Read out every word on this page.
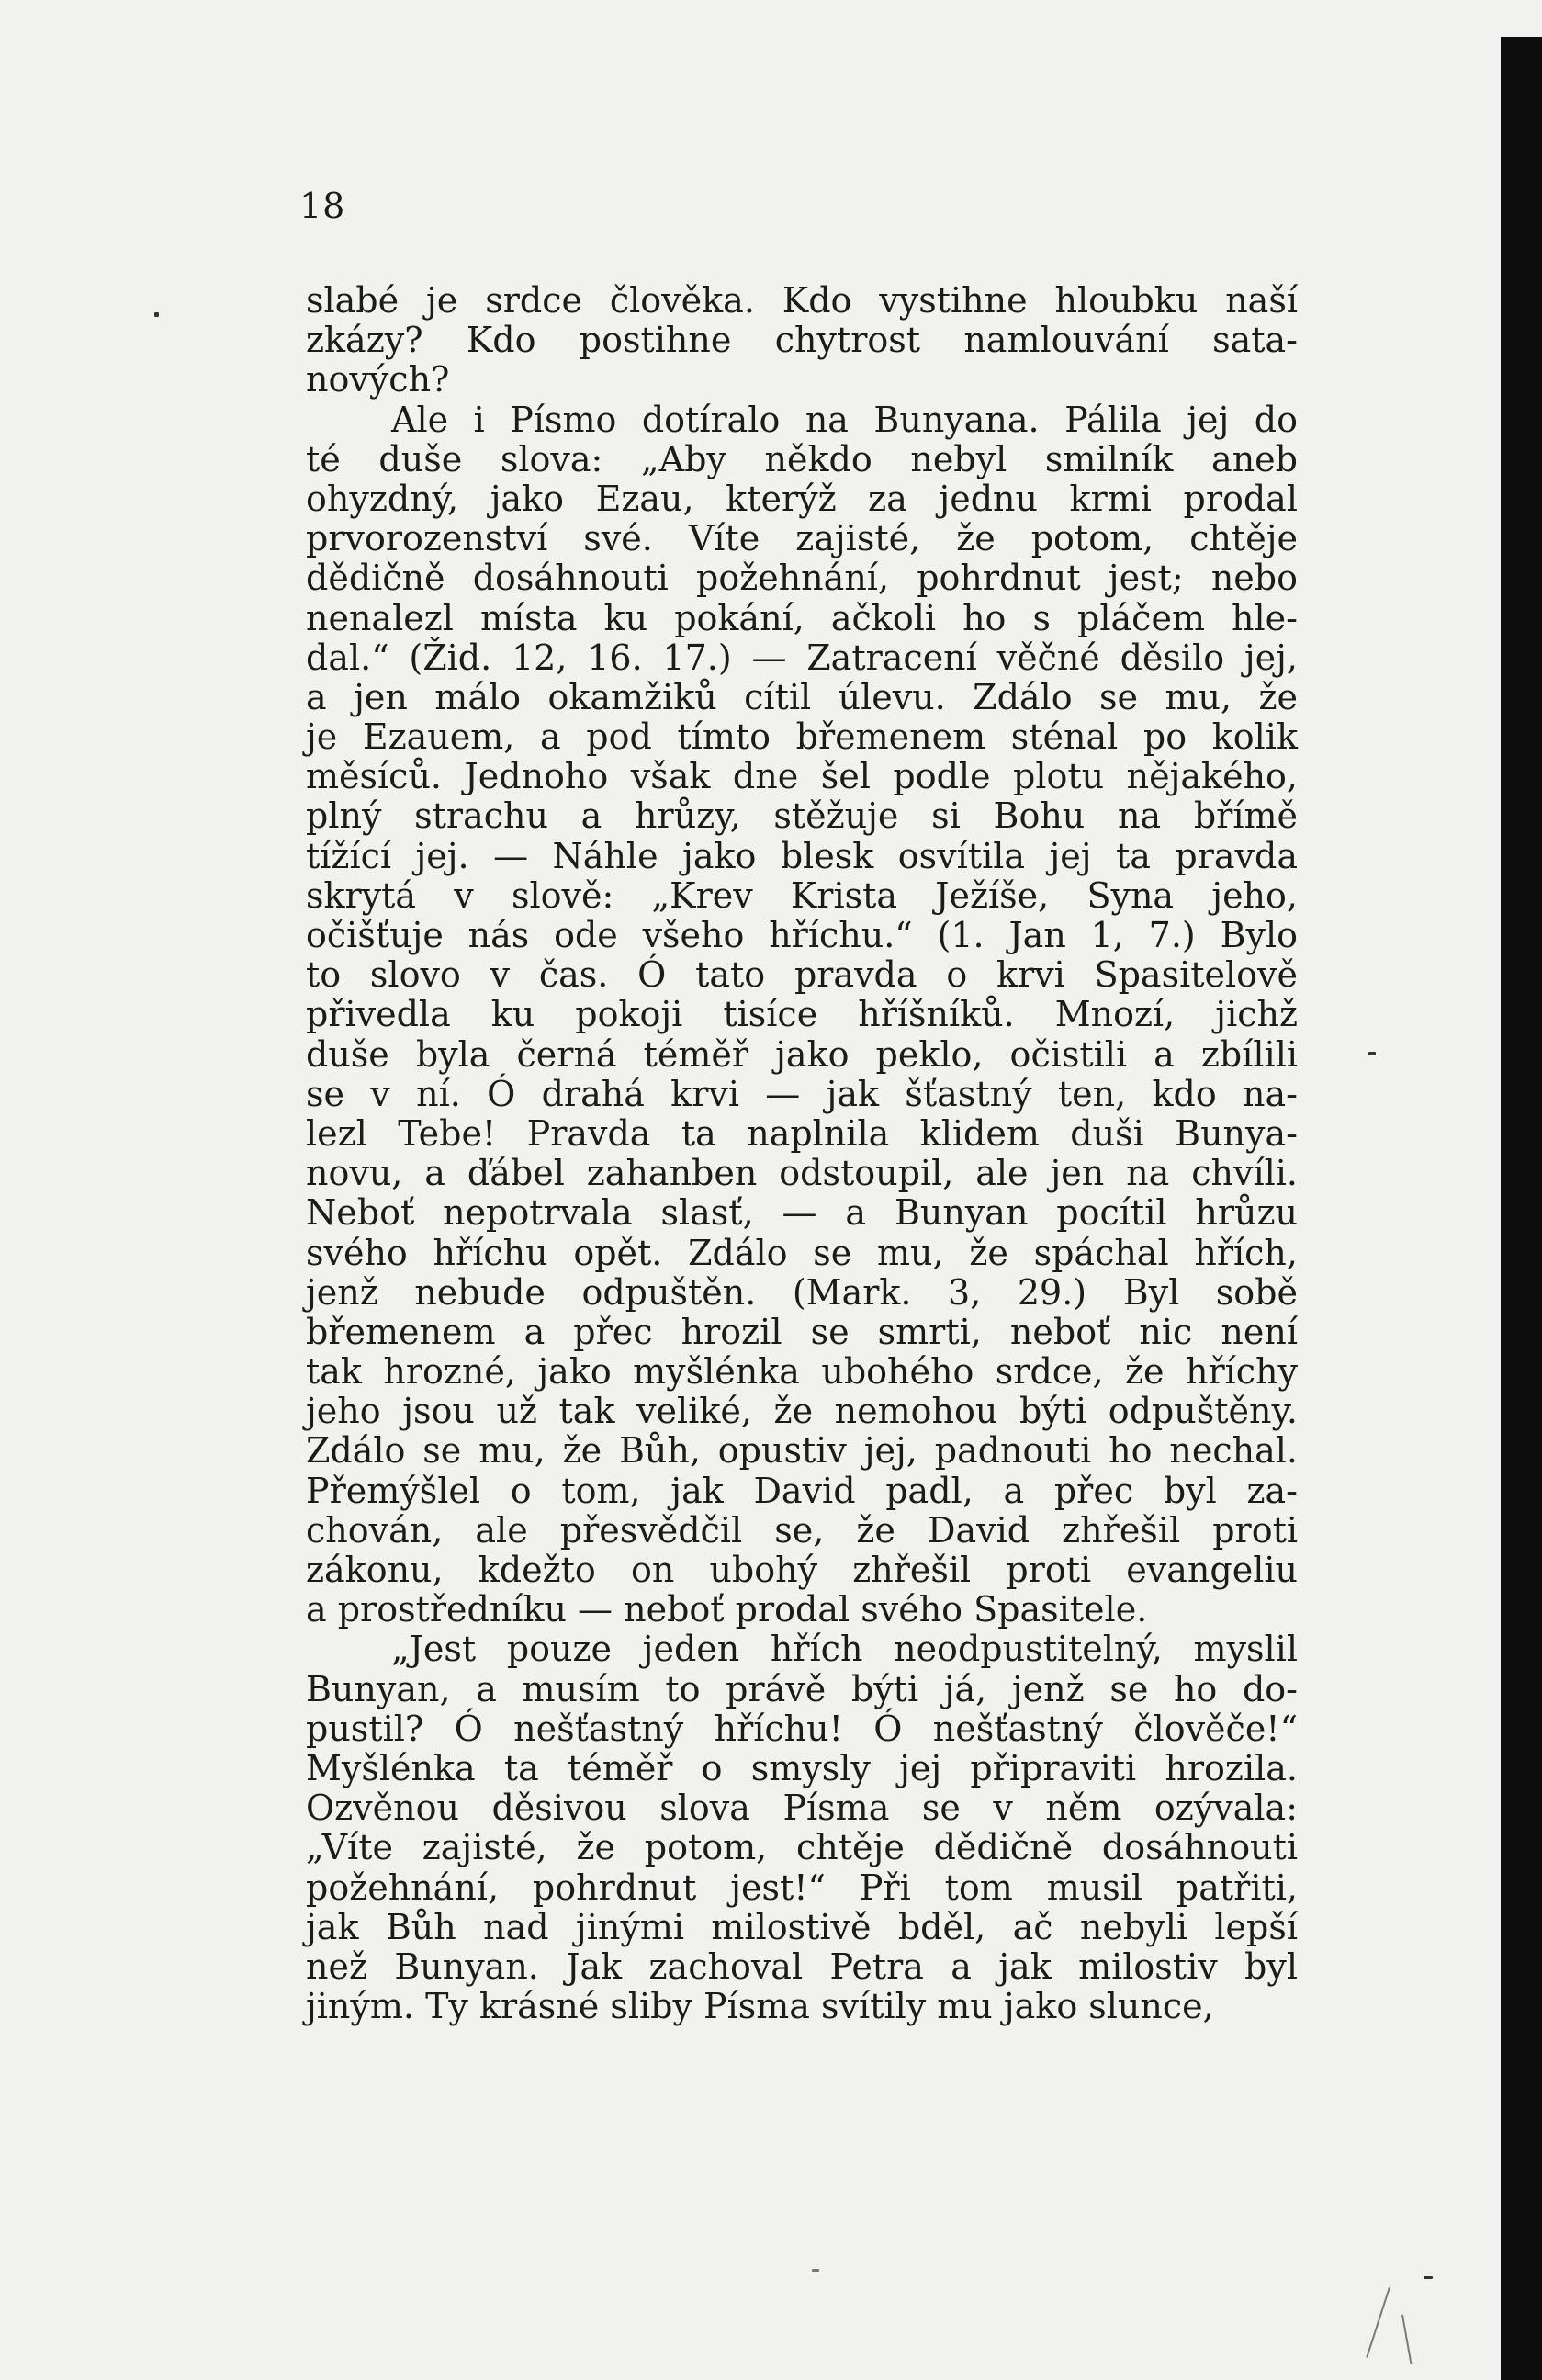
18
slabé je srdce člověka. Kdo vystihne hloubku naší
zkázy? Kdo postihne chytrost namlouvání sata-
nových?
Ale i Písmo dotíralo na Bunyana. Pálila jej do
té duše slova: „Aby někdo nebyl smilník aneb
ohyzdný, jako Ezau, kterýž za jednu krmi prodal
prvorozenství své. Víte zajisté, že potom, chtěje
dědičně dosáhnouti požehnání, pohrdnut jest; nebo
nenalezl místa ku pokání, ačkoli ho s pláčem hle-
dal.“ (Žid. 12, 16. 17.) — Zatracení věčné děsilo jej,
a jen málo okamžiků cítil úlevu. Zdálo se mu, že
je Ezauem, a pod tímto břemenem sténal po kolik
měsíců. Jednoho však dne šel podle plotu nějakého,
plný strachu a hrůzy, stěžuje si Bohu na břímě
tížící jej. — Náhle jako blesk osvítila jej ta pravda
skrytá v slově: „Krev Krista Ježíše, Syna jeho,
očišťuje nás ode všeho hříchu.“ (1. Jan 1, 7.) Bylo
to slovo v čas. Ó tato pravda o krvi Spasitelově
přivedla ku pokoji tisíce hříšníků. Mnozí, jichž
duše byla černá téměř jako peklo, očistili a zbílili
se v ní. Ó drahá krvi — jak šťastný ten, kdo na-
lezl Tebe! Pravda ta naplnila klidem duši Bunya-
novu, a ďábel zahanben odstoupil, ale jen na chvíli.
Neboť nepotrvala slasť, — a Bunyan pocítil hrůzu
svého hříchu opět. Zdálo se mu, že spáchal hřích,
jenž nebude odpuštěn. (Mark. 3, 29.) Byl sobě
břemenem a přec hrozil se smrti, neboť nic není
tak hrozné, jako myšlénka ubohého srdce, že hříchy
jeho jsou už tak veliké, že nemohou býti odpuštěny.
Zdálo se mu, že Bůh, opustiv jej, padnouti ho nechal.
Přemýšlel o tom, jak David padl, a přec byl za-
chován, ale přesvědčil se, že David zhřešil proti
zákonu, kdežto on ubohý zhřešil proti evangeliu
a prostředníku — neboť prodal svého Spasitele.
„Jest pouze jeden hřích neodpustitelný, myslil
Bunyan, a musím to právě býti já, jenž se ho do-
pustil? Ó nešťastný hříchu! Ó nešťastný člověče!“
Myšlénka ta téměř o smysly jej připraviti hrozila.
Ozvěnou děsivou slova Písma se v něm ozývala:
„Víte zajisté, že potom, chtěje dědičně dosáhnouti
požehnání, pohrdnut jest!“ Při tom musil patřiti,
jak Bůh nad jinými milostivě bděl, ač nebyli lepší
než Bunyan. Jak zachoval Petra a jak milostiv byl
jiným. Ty krásné sliby Písma svítily mu jako slunce,
